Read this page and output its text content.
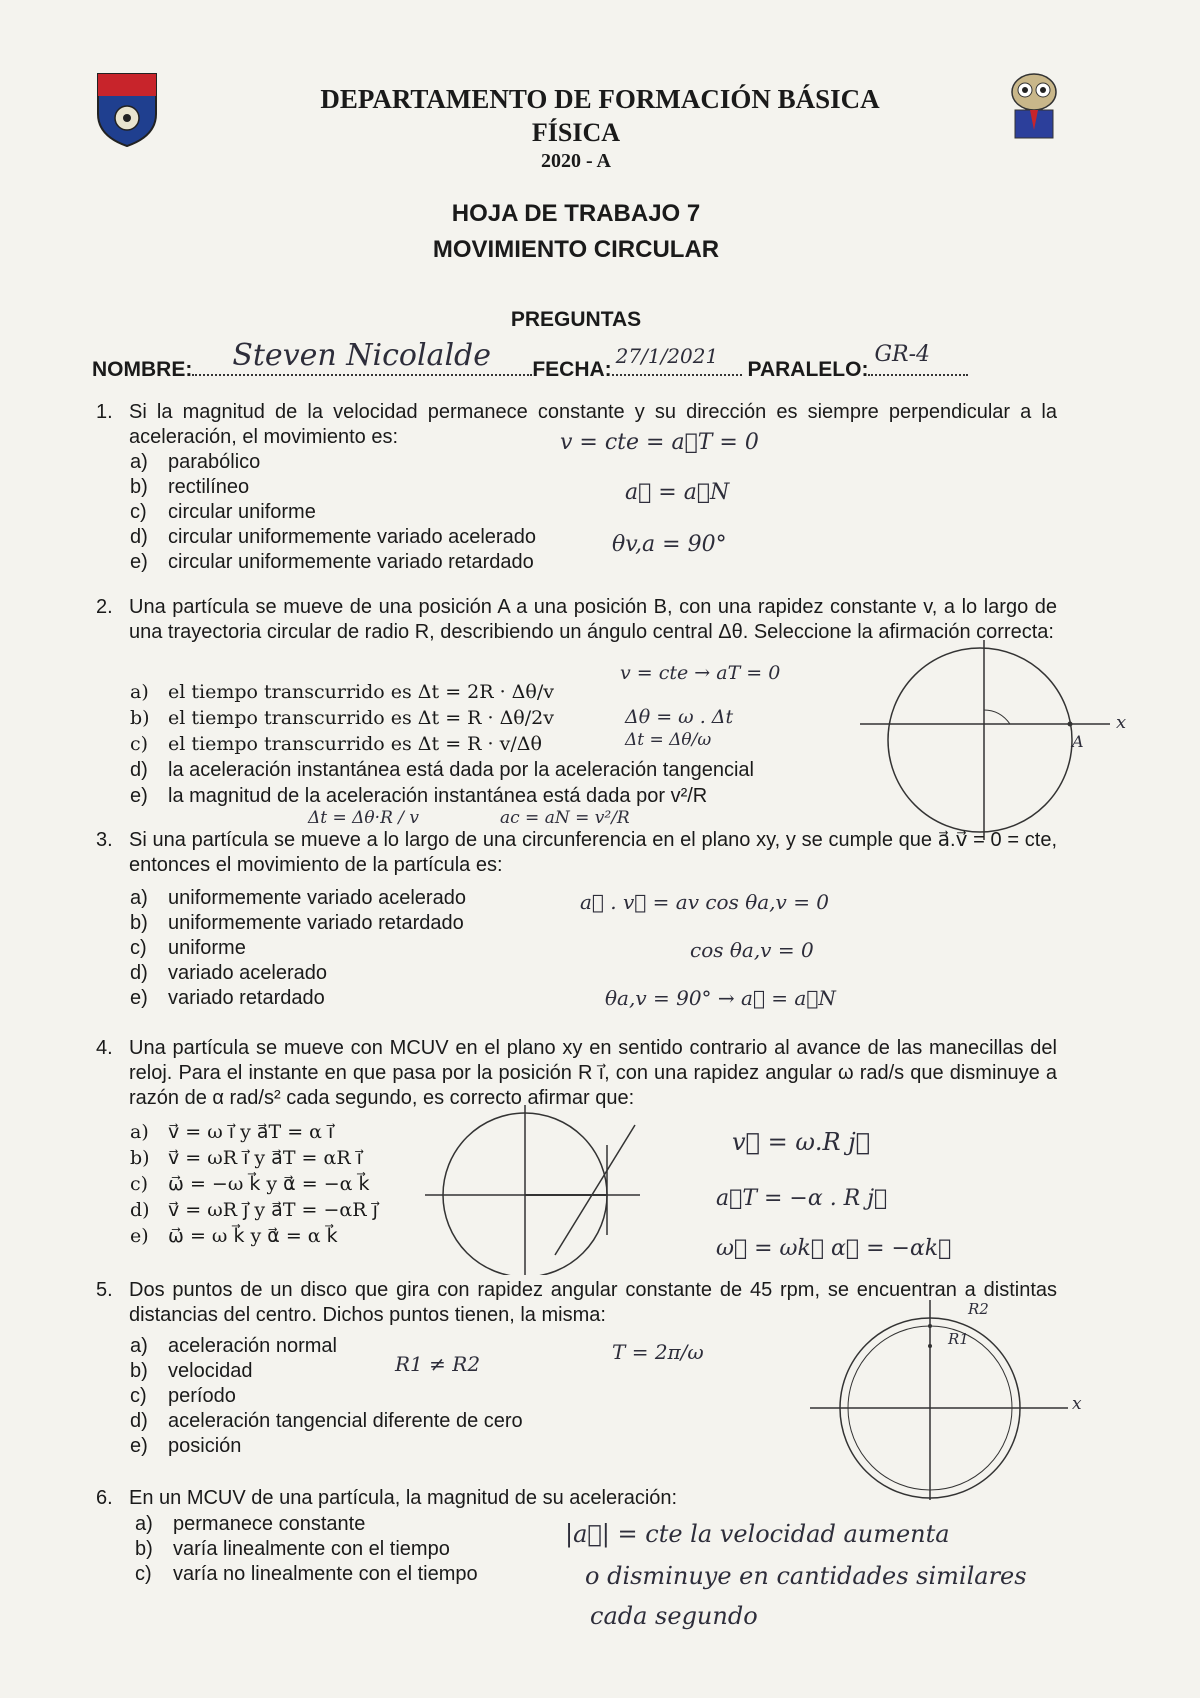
DEPARTAMENTO DE FORMACIÓN BÁSICA
FÍSICA
2020 - A
HOJA DE TRABAJO 7
MOVIMIENTO CIRCULAR
PREGUNTAS
NOMBRE: Steven Nicolalde FECHA:
27/1/2021
PARALELO:
GR-4
1. Si la magnitud de la velocidad permanece constante y su dirección es siempre perpendicular a la aceleración, el movimiento es:
a) parabólico
b) rectilíneo
c) circular uniforme
d) circular uniformemente variado acelerado
e) circular uniformemente variado retardado
v = cte = a⃗T = 0
a⃗ = a⃗N
θv,a = 90°
2. Una partícula se mueve de una posición A a una posición B, con una rapidez constante v, a lo largo de una trayectoria circular de radio R, describiendo un ángulo central Δθ. Seleccione la afirmación correcta:
a) el tiempo transcurrido es Δt = 2R · Δθ/v
b) el tiempo transcurrido es Δt = R · Δθ/2v
c) el tiempo transcurrido es Δt = R · v/Δθ
d) la aceleración instantánea está dada por la aceleración tangencial
e) la magnitud de la aceleración instantánea está dada por v²/R
v = cte → aT = 0
Δθ = ω . Δt
Δt = Δθ/ω
Δt = Δθ·R / v	ac = aN = v²/R
A
x
3. Si una partícula se mueve a lo largo de una circunferencia en el plano xy, y se cumple que a⃗.v⃗ = 0 = cte, entonces el movimiento de la partícula es:
a) uniformemente variado acelerado
b) uniformemente variado retardado
c) uniforme
d) variado acelerado
e) variado retardado
a⃗ . v⃗ = av cos θa,v = 0
cos θa,v = 0
θa,v = 90° → a⃗ = a⃗N
4. Una partícula se mueve con MCUV en el plano xy en sentido contrario al avance de las manecillas del reloj. Para el instante en que pasa por la posición R i⃗, con una rapidez angular ω rad/s que disminuye a razón de α rad/s² cada segundo, es correcto afirmar que:
a) v⃗ = ω i⃗ y a⃗T = α i⃗
b) v⃗ = ωR i⃗ y a⃗T = αR i⃗
c) ω⃗ = −ω k⃗ y α⃗ = −α k⃗
d) v⃗ = ωR j⃗ y a⃗T = −αR j⃗
e) ω⃗ = ω k⃗ y α⃗ = α k⃗
v⃗ = ω.R j⃗
a⃗T = −α . R j⃗
ω⃗ = ωk⃗ α⃗ = −αk⃗
5. Dos puntos de un disco que gira con rapidez angular constante de 45 rpm, se encuentran a distintas distancias del centro. Dichos puntos tienen, la misma:
a) aceleración normal
b) velocidad
c) período
d) aceleración tangencial diferente de cero
e) posición
R1 ≠ R2	T = 2π/ω
R1
R2
x
6. En un MCUV de una partícula, la magnitud de su aceleración:
a) permanece constante
b) varía linealmente con el tiempo
c) varía no linealmente con el tiempo
|a⃗| = cte la velocidad aumenta
o disminuye en cantidades similares
cada segundo
